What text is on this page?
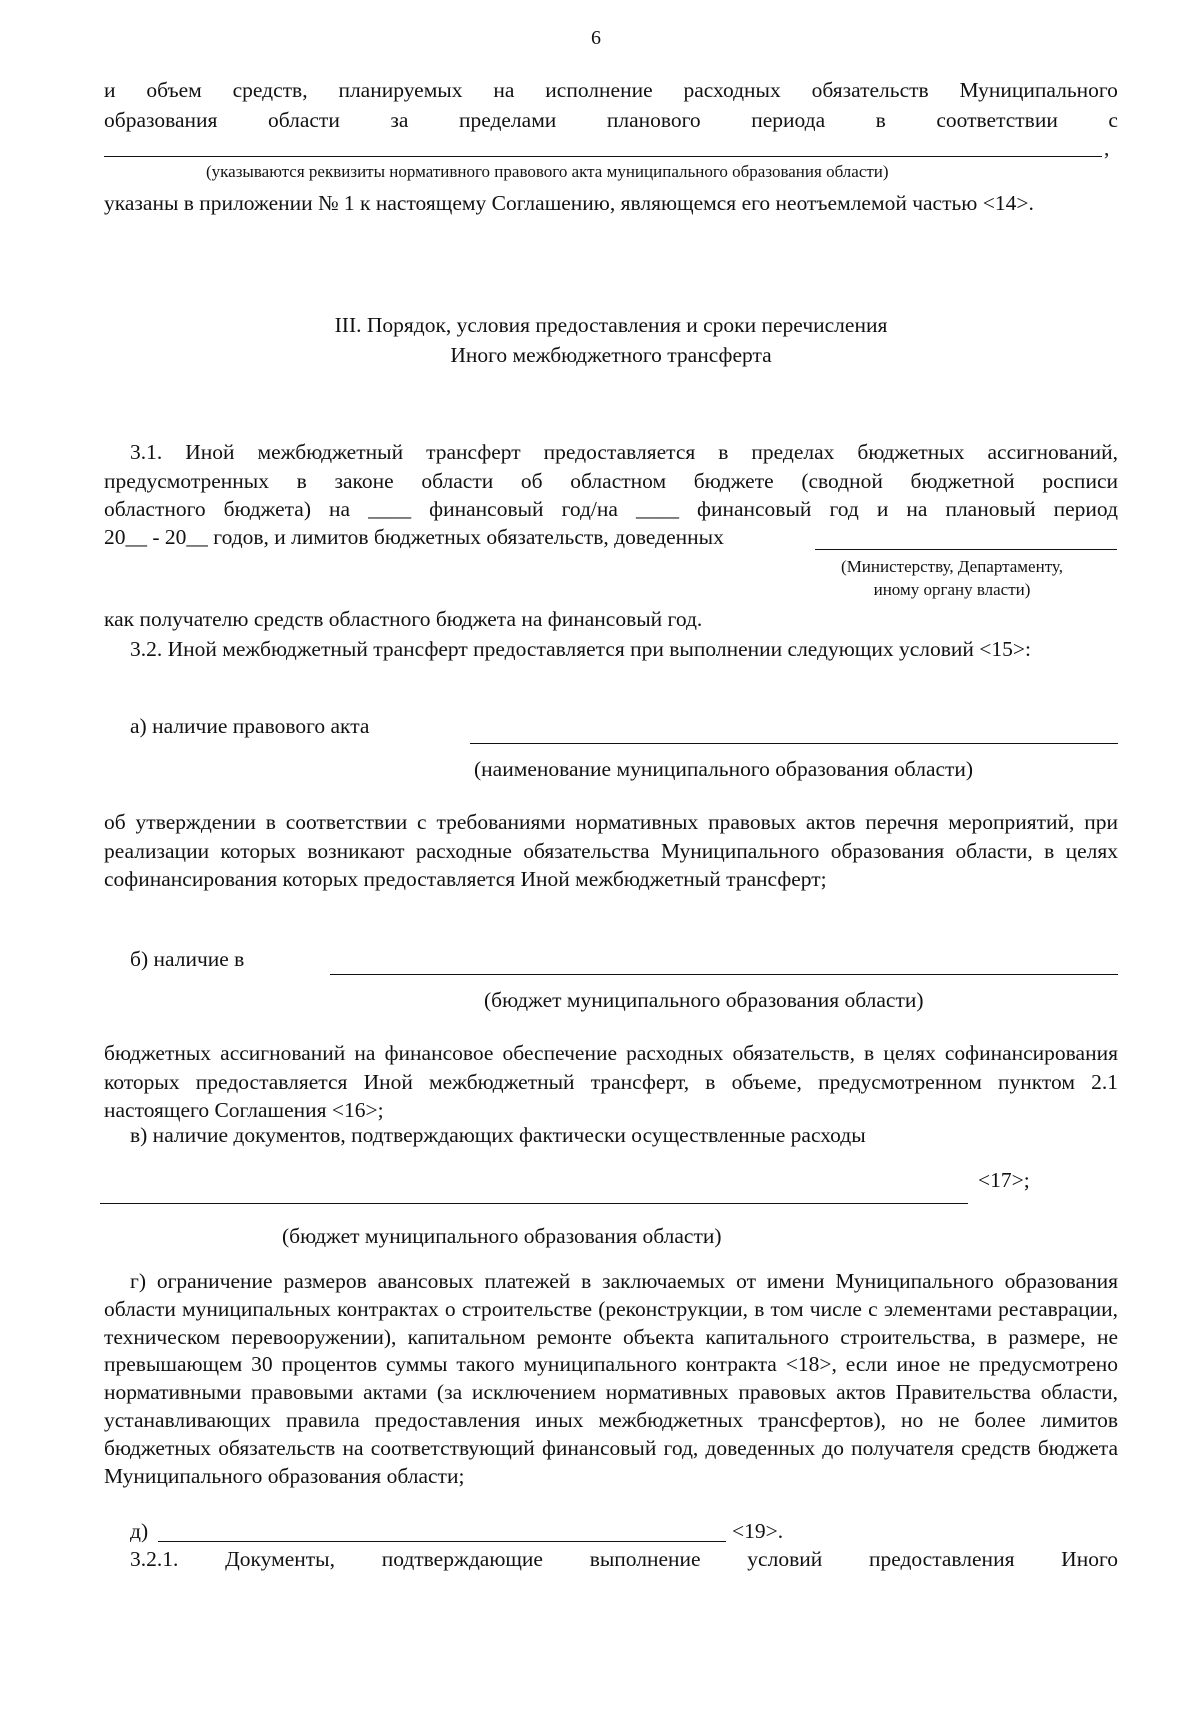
6
и объем средств, планируемых на исполнение расходных обязательств Муниципального
образования области за пределами планового периода в соответствии с
,
(указываются реквизиты нормативного правового акта муниципального образования области)
указаны в приложении № 1 к настоящему Соглашению, являющемся его неотъемлемой частью <14>.
III. Порядок, условия предоставления и сроки перечисления
Иного межбюджетного трансферта
3.1. Иной межбюджетный трансферт предоставляется в пределах бюджетных ассигнований,
предусмотренных в законе области об областном бюджете (сводной бюджетной росписи
областного бюджета) на ____ финансовый год/на ____ финансовый год и на плановый период
20__ - 20__ годов, и лимитов бюджетных обязательств, доведенных
(Министерству, Департаменту,
иному органу власти)
как получателю средств областного бюджета на финансовый год.
3.2. Иной межбюджетный трансферт предоставляется при выполнении следующих условий <15>:
а) наличие правового акта
(наименование муниципального образования области)
об утверждении в соответствии с требованиями нормативных правовых актов перечня мероприятий, при реализации которых возникают расходные обязательства Муниципального образования области, в целях софинансирования которых предоставляется Иной межбюджетный трансферт;
б) наличие в
(бюджет муниципального образования области)
бюджетных ассигнований на финансовое обеспечение расходных обязательств, в целях софинансирования которых предоставляется Иной межбюджетный трансферт, в объеме, предусмотренном пунктом 2.1 настоящего Соглашения <16>;
в) наличие документов, подтверждающих фактически осуществленные расходы
<17>;
(бюджет муниципального образования области)
г) ограничение размеров авансовых платежей в заключаемых от имени Муниципального образования области муниципальных контрактах о строительстве (реконструкции, в том числе с элементами реставрации, техническом перевооружении), капитальном ремонте объекта капитального строительства, в размере, не превышающем 30 процентов суммы такого муниципального контракта <18>, если иное не предусмотрено нормативными правовыми актами (за исключением нормативных правовых актов Правительства области, устанавливающих правила предоставления иных межбюджетных трансфертов), но не более лимитов бюджетных обязательств на соответствующий финансовый год, доведенных до получателя средств бюджета Муниципального образования области;
д)	<19>.
3.2.1. Документы, подтверждающие выполнение условий предоставления Иного
